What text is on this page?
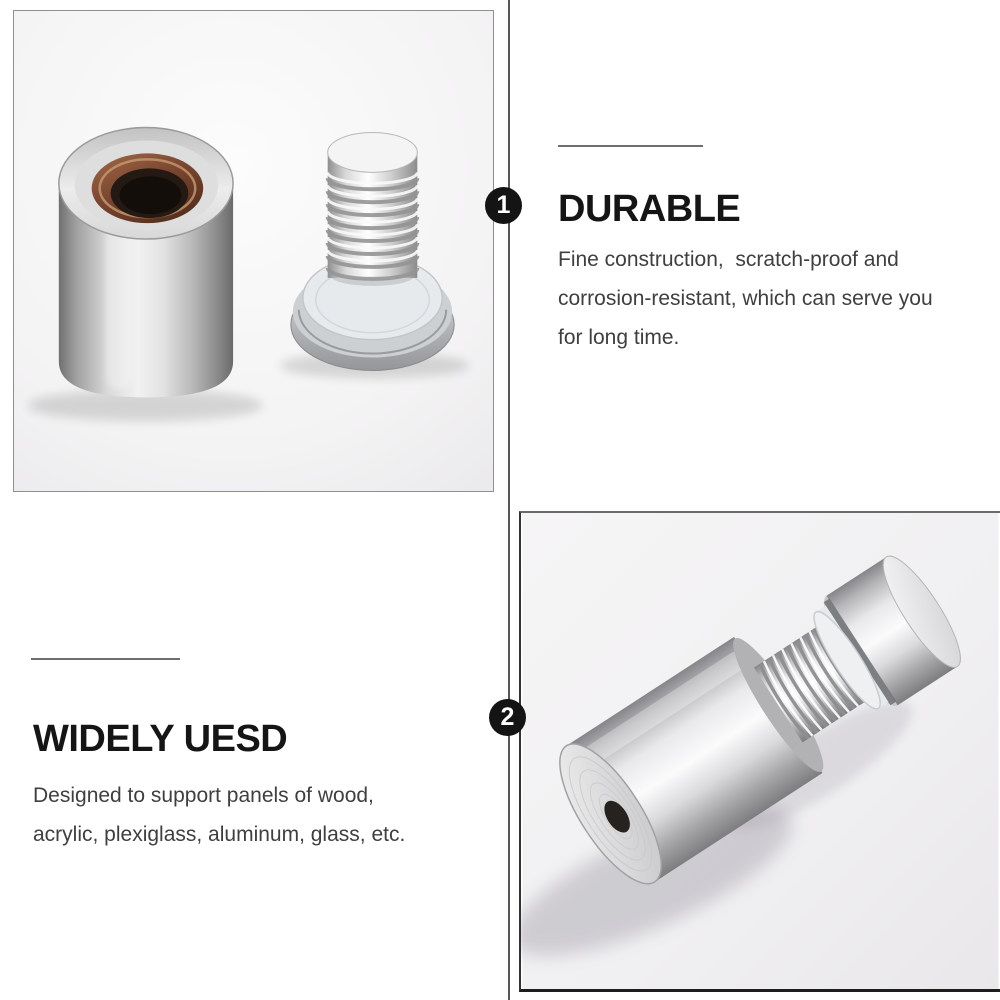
1 DURABLE
Fine construction,  scratch-proof and
corrosion-resistant, which can serve you
for long time.
2
WIDELY UESD
Designed to support panels of wood,
acrylic, plexiglass, aluminum, glass, etc.
